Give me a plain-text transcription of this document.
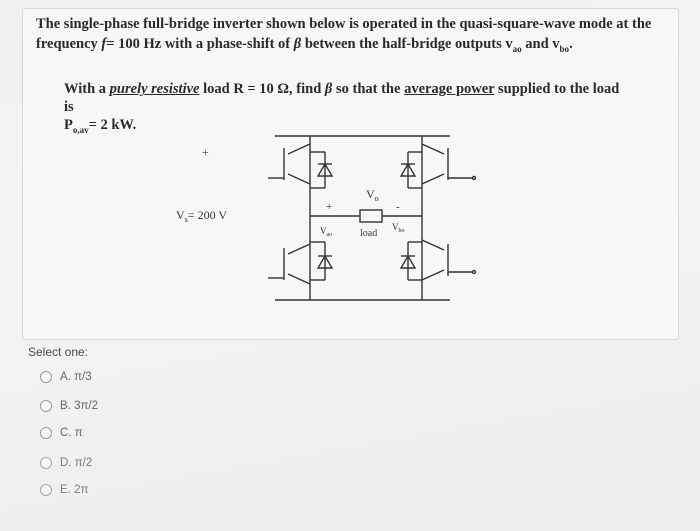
The single-phase full-bridge inverter shown below is operated in the quasi-square-wave mode at the
frequency f= 100 Hz with a phase-shift of β between the half-bridge outputs $v_{ao}$ and $v_{bo}$.
With a purely resistive load R = 10 Ω, find β so that the average power supplied to the load is
$P_{o,av}= 2$ kW.
+
$V_s= 200$ V
$V_o$
+	-
$V_{ao}$
$V_{bo}$
load
Select one:
A. π/3
B. 3π/2
C. π
D. π/2
E. 2π
